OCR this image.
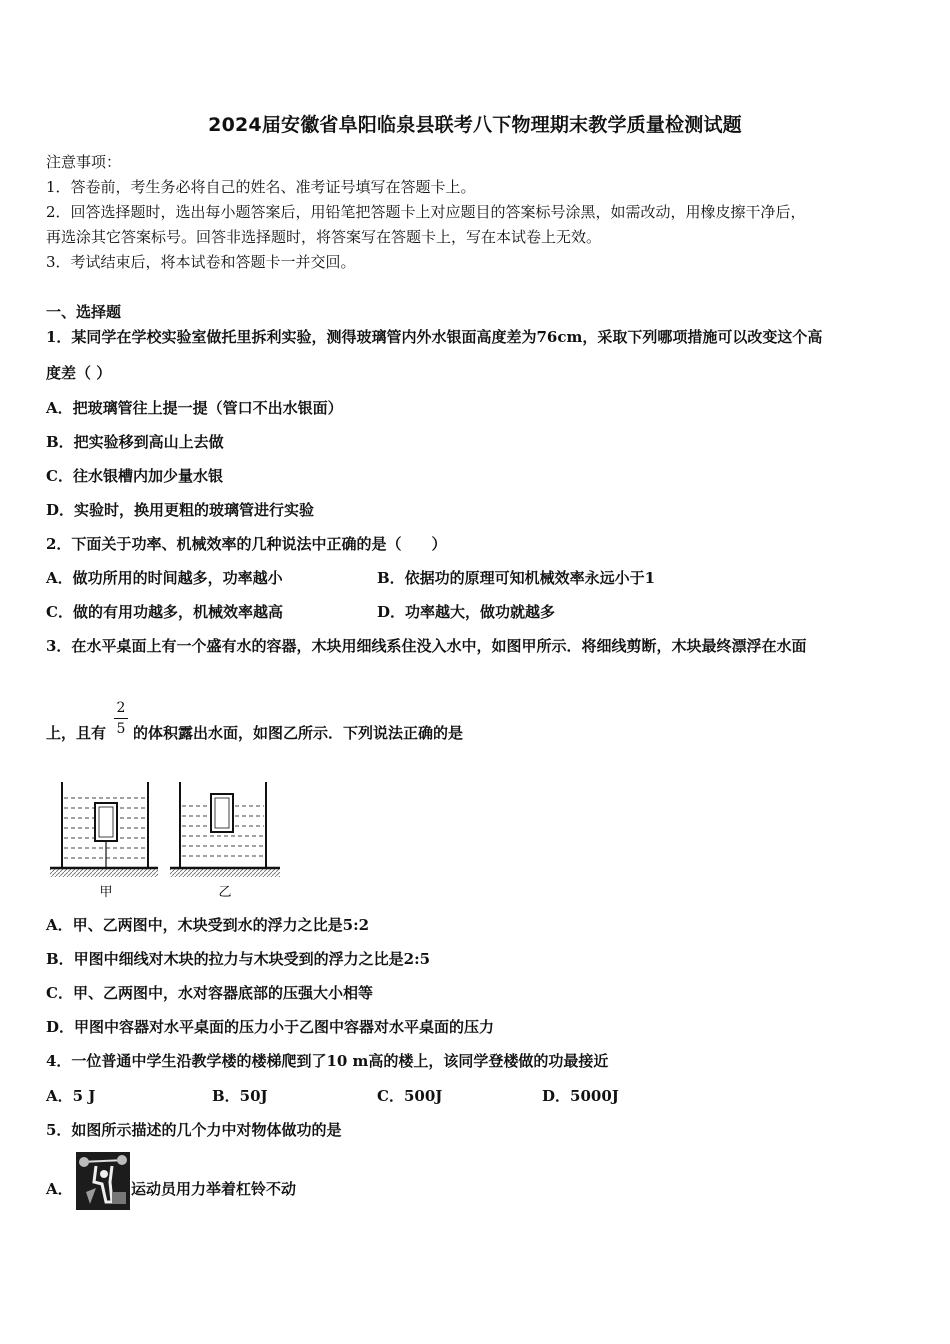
2024届安徽省阜阳临泉县联考八下物理期末教学质量检测试题
注意事项：
1．答卷前，考生务必将自己的姓名、准考证号填写在答题卡上。
2．回答选择题时，选出每小题答案后，用铅笔把答题卡上对应题目的答案标号涂黑，如需改动，用橡皮擦干净后，
再选涂其它答案标号。回答非选择题时，将答案写在答题卡上，写在本试卷上无效。
3．考试结束后，将本试卷和答题卡一并交回。
一、选择题
1．某同学在学校实验室做托里拆利实验，测得玻璃管内外水银面高度差为76cm，采取下列哪项措施可以改变这个高
度差（ ）
A．把玻璃管往上提一提（管口不出水银面）
B．把实验移到高山上去做
C．往水银槽内加少量水银
D．实验时，换用更粗的玻璃管进行实验
2．下面关于功率、机械效率的几种说法中正确的是（　　）
A．做功所用的时间越多，功率越小	B．依据功的原理可知机械效率永远小于1
C．做的有用功越多，机械效率越高	D．功率越大，做功就越多
3．在水平桌面上有一个盛有水的容器，木块用细线系住没入水中，如图甲所示．将细线剪断，木块最终漂浮在水面
上，且有
2
5 的体积露出水面，如图乙所示．下列说法正确的是
甲	乙
A．甲、乙两图中，木块受到水的浮力之比是5:2
B．甲图中细线对木块的拉力与木块受到的浮力之比是2:5
C．甲、乙两图中，水对容器底部的压强大小相等
D．甲图中容器对水平桌面的压力小于乙图中容器对水平桌面的压力
4．一位普通中学生沿教学楼的楼梯爬到了10 m高的楼上，该同学登楼做的功最接近
A．5 J	B．50J	C．500J	D．5000J
5．如图所示描述的几个力中对物体做功的是
A．	运动员用力举着杠铃不动
